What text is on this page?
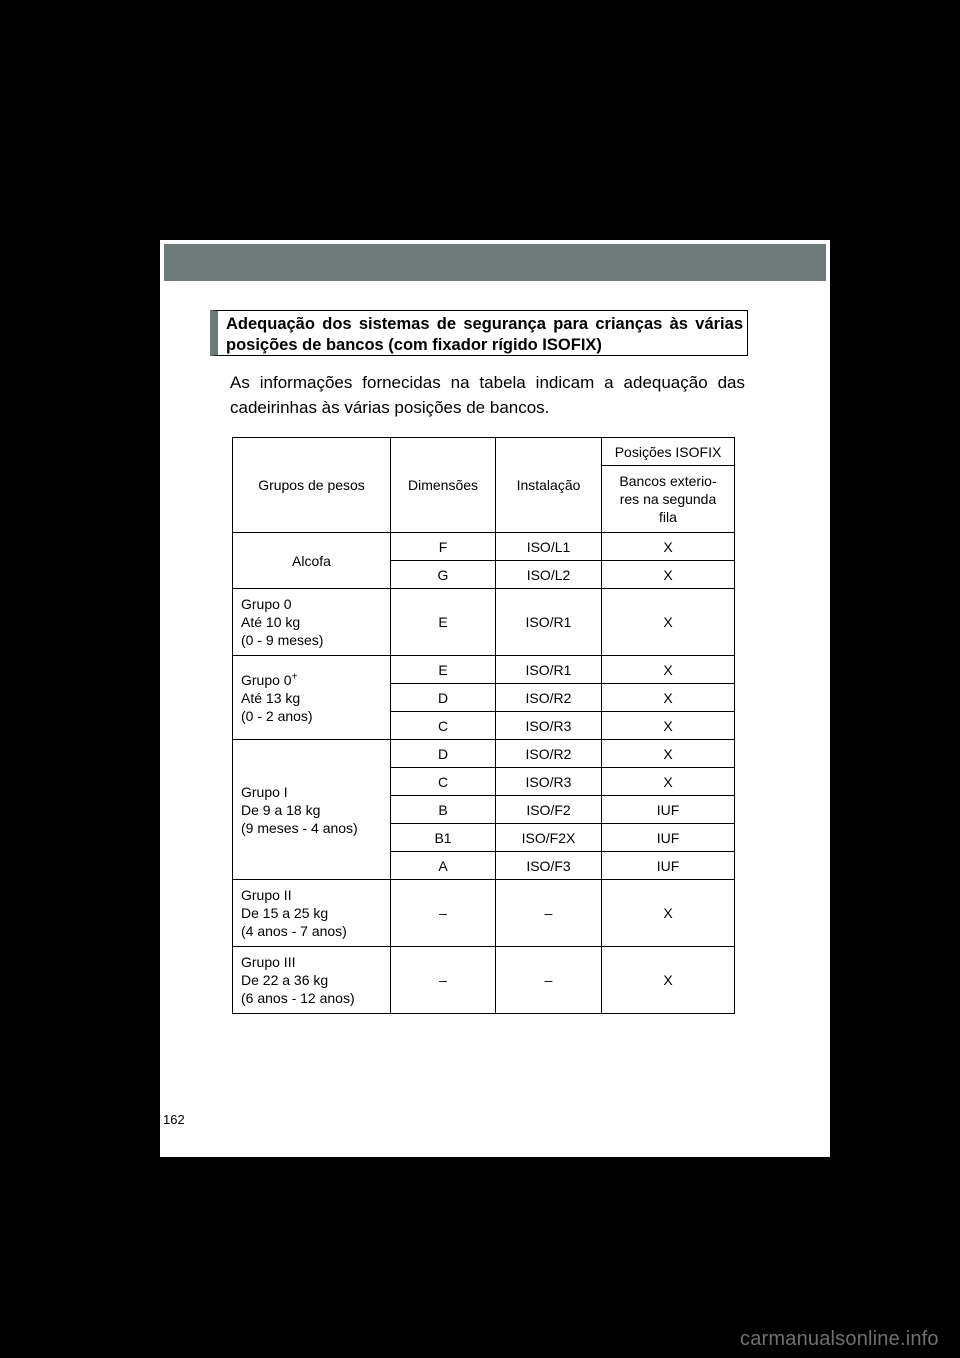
Adequação dos sistemas de segurança para crianças às várias

posições de bancos (com fixador rígido ISOFIX)

As informações fornecidas na tabela indicam a adequação das

cadeirinhas às várias posições de bancos.

Grupos de pesos	Dimensões	Instalação	Posições ISOFIX
			Bancos exterio-
res na segunda
fila
Alcofa	F	ISO/L1	X
	G	ISO/L2	X
Grupo 0
Até 10 kg
(0 - 9 meses)	E	ISO/R1	X
Grupo 0+
Até 13 kg
(0 - 2 anos)	E	ISO/R1	X
	D	ISO/R2	X
	C	ISO/R3	X
Grupo I
De 9 a 18 kg
(9 meses - 4 anos)	D	ISO/R2	X
	C	ISO/R3	X
	B	ISO/F2	IUF
	B1	ISO/F2X	IUF
	A	ISO/F3	IUF
Grupo II
De 15 a 25 kg
(4 anos - 7 anos)	–	–	X
Grupo III
De 22 a 36 kg
(6 anos - 12 anos)	–	–	X
162
carmanualsonline.info
